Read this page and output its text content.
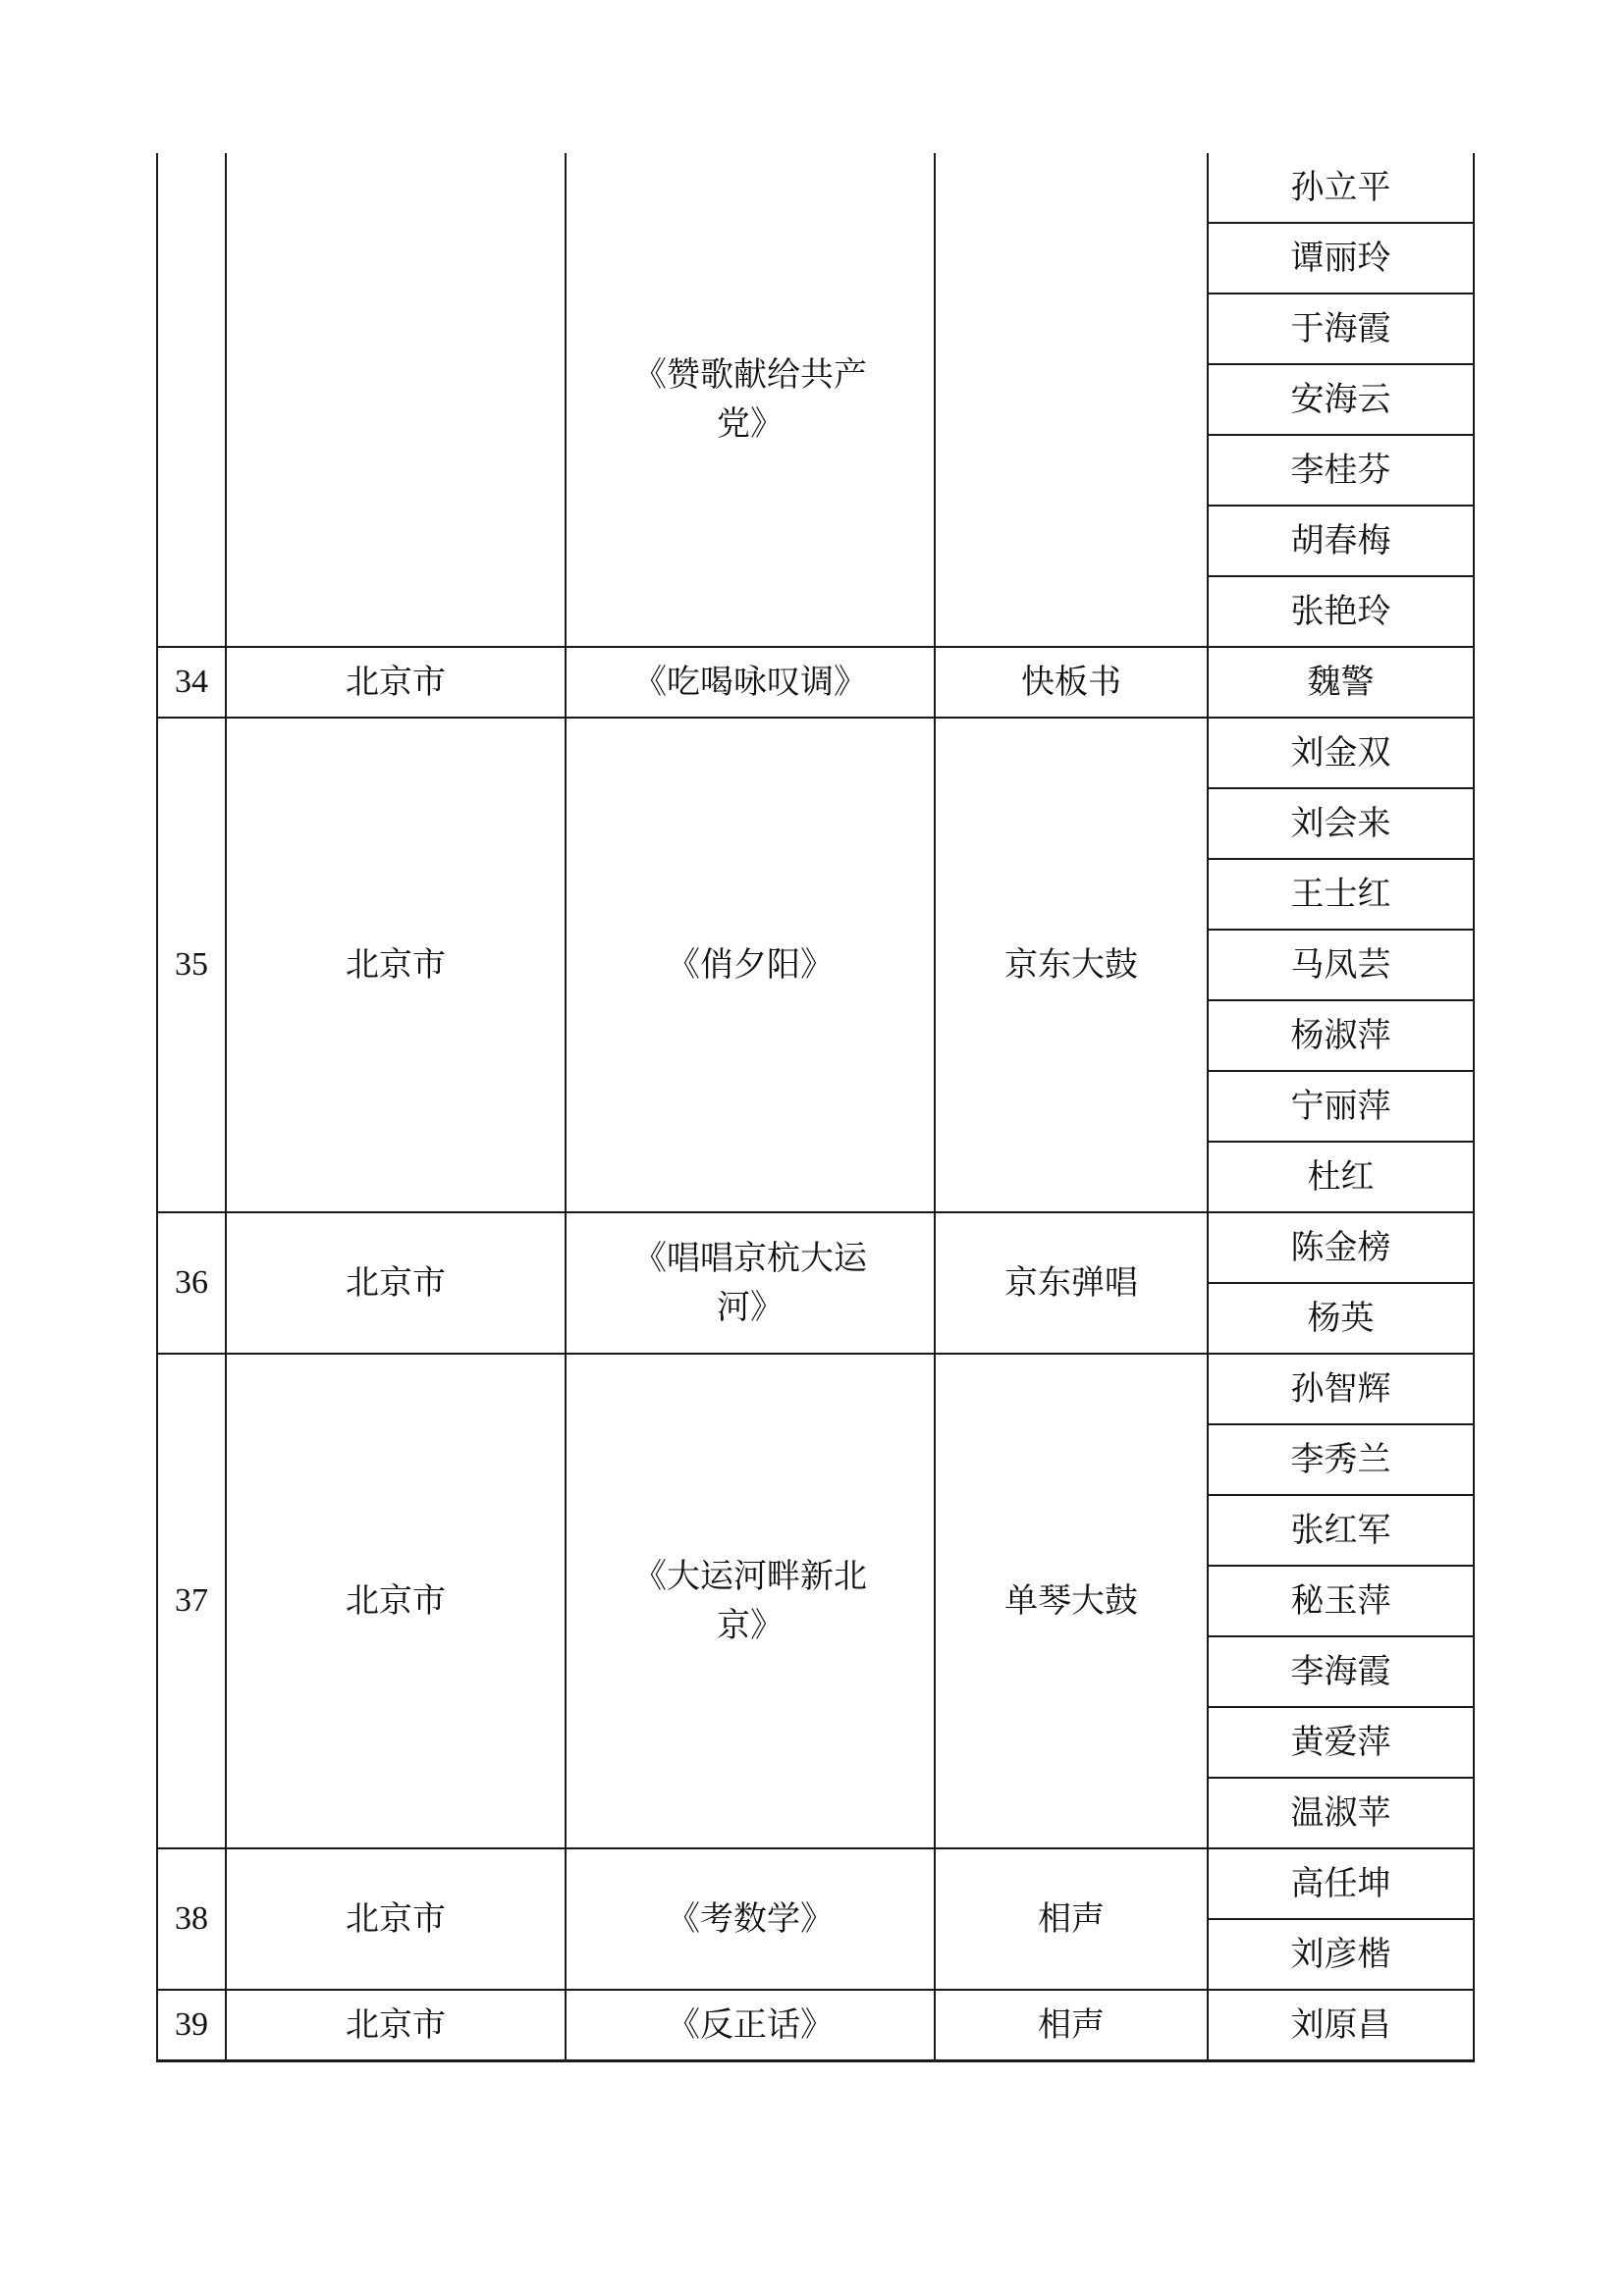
		《赞歌献给共产党》		孙立平
				谭丽玲
				于海霞
				安海云
				李桂芬
				胡春梅
				张艳玲
34	北京市	《吃喝咏叹调》	快板书	魏警
35	北京市	《俏夕阳》	京东大鼓	刘金双
				刘会来
				王士红
				马凤芸
				杨淑萍
				宁丽萍
				杜红
36	北京市	《唱唱京杭大运河》	京东弹唱	陈金榜
				杨英
37	北京市	《大运河畔新北京》	单琴大鼓	孙智辉
				李秀兰
				张红军
				秘玉萍
				李海霞
				黄爱萍
				温淑苹
38	北京市	《考数学》	相声	高任坤
				刘彦楷
39	北京市	《反正话》	相声	刘原昌
